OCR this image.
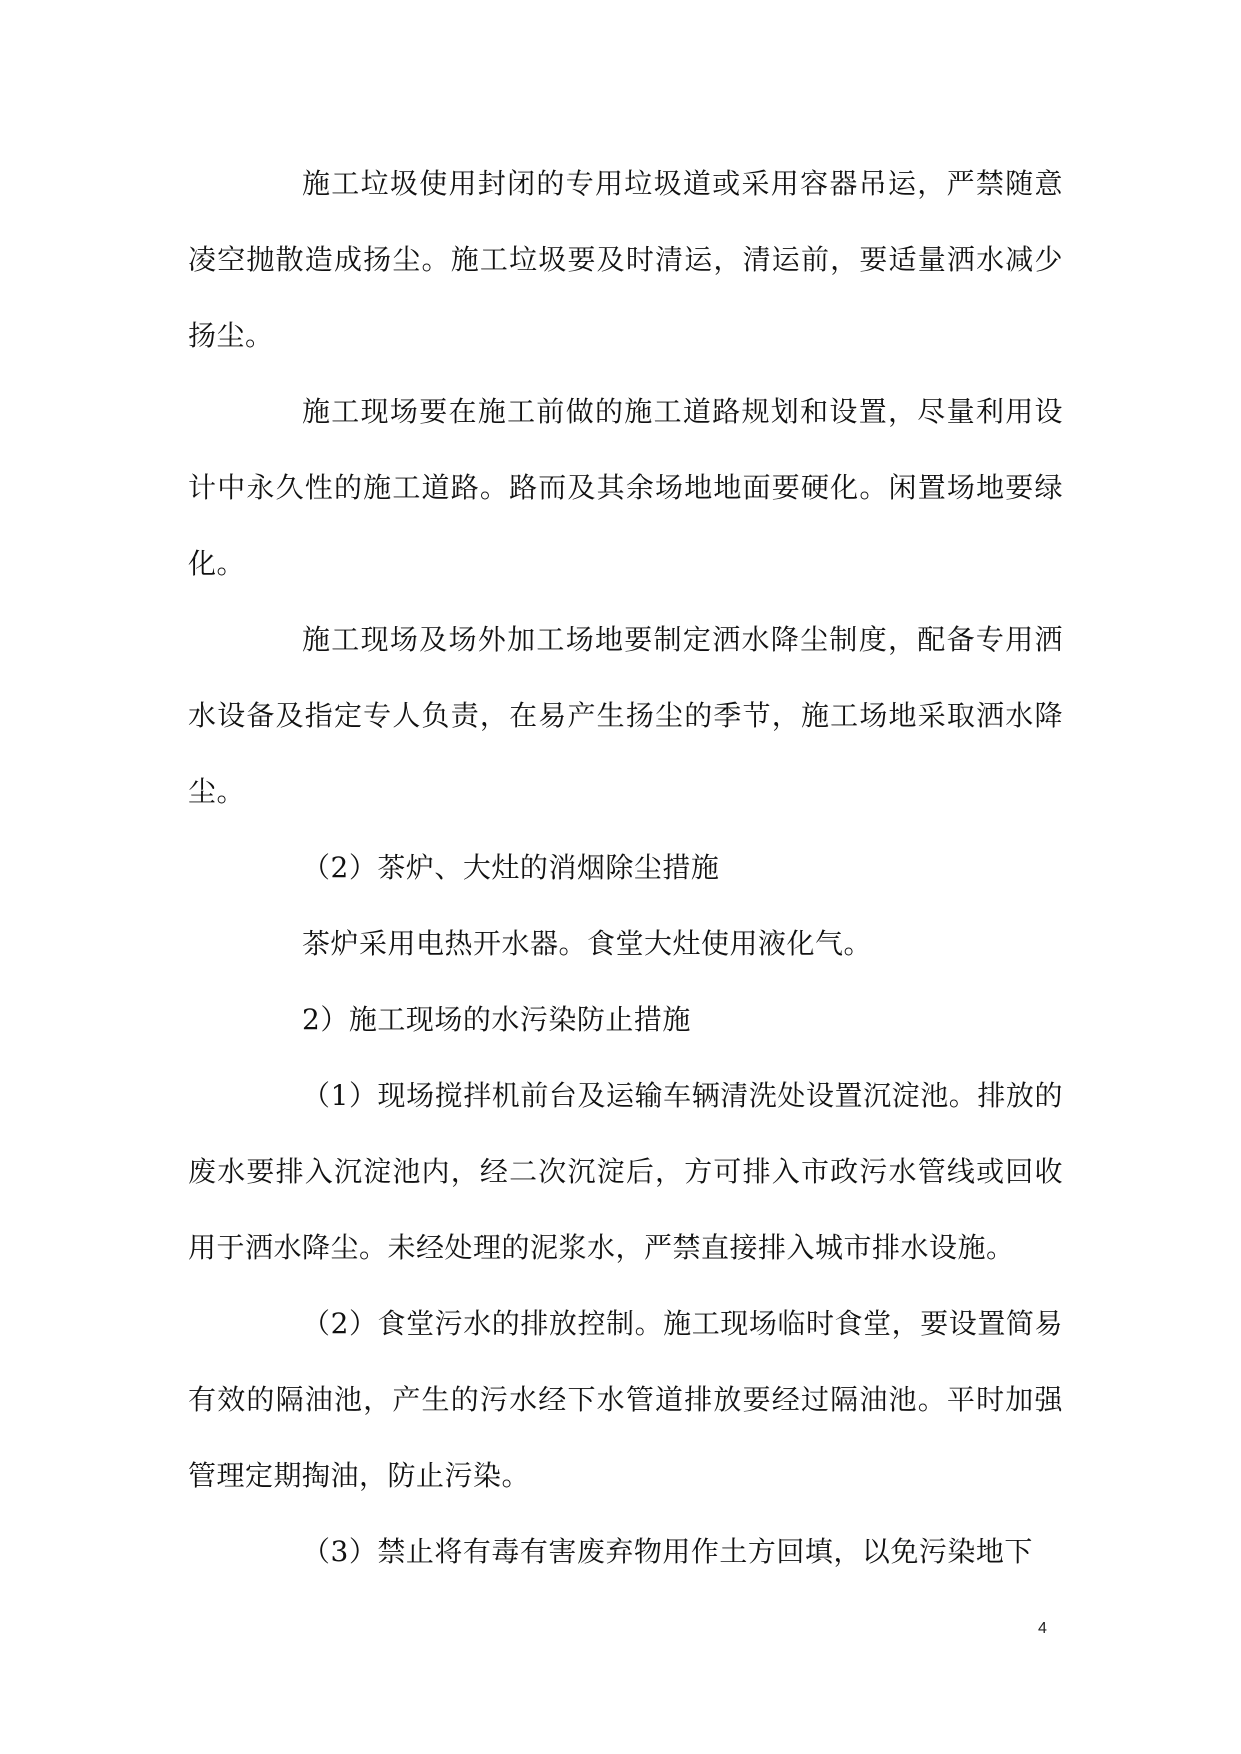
施工垃圾使用封闭的专用垃圾道或采用容器吊运，严禁随意凌空抛散造成扬尘。施工垃圾要及时清运，清运前，要适量洒水减少扬尘。

施工现场要在施工前做的施工道路规划和设置，尽量利用设计中永久性的施工道路。路而及其余场地地面要硬化。闲置场地要绿化。

施工现场及场外加工场地要制定洒水降尘制度，配备专用洒水设备及指定专人负责，在易产生扬尘的季节，施工场地采取洒水降尘。

（2）茶炉、大灶的消烟除尘措施

茶炉采用电热开水器。食堂大灶使用液化气。

2）施工现场的水污染防止措施

（1）现场搅拌机前台及运输车辆清洗处设置沉淀池。排放的废水要排入沉淀池内，经二次沉淀后，方可排入市政污水管线或回收用于洒水降尘。未经处理的泥浆水，严禁直接排入城市排水设施。

（2）食堂污水的排放控制。施工现场临时食堂，要设置简易有效的隔油池，产生的污水经下水管道排放要经过隔油池。平时加强管理定期掏油，防止污染。

（3）禁止将有毒有害废弃物用作土方回填，以免污染地下

4
